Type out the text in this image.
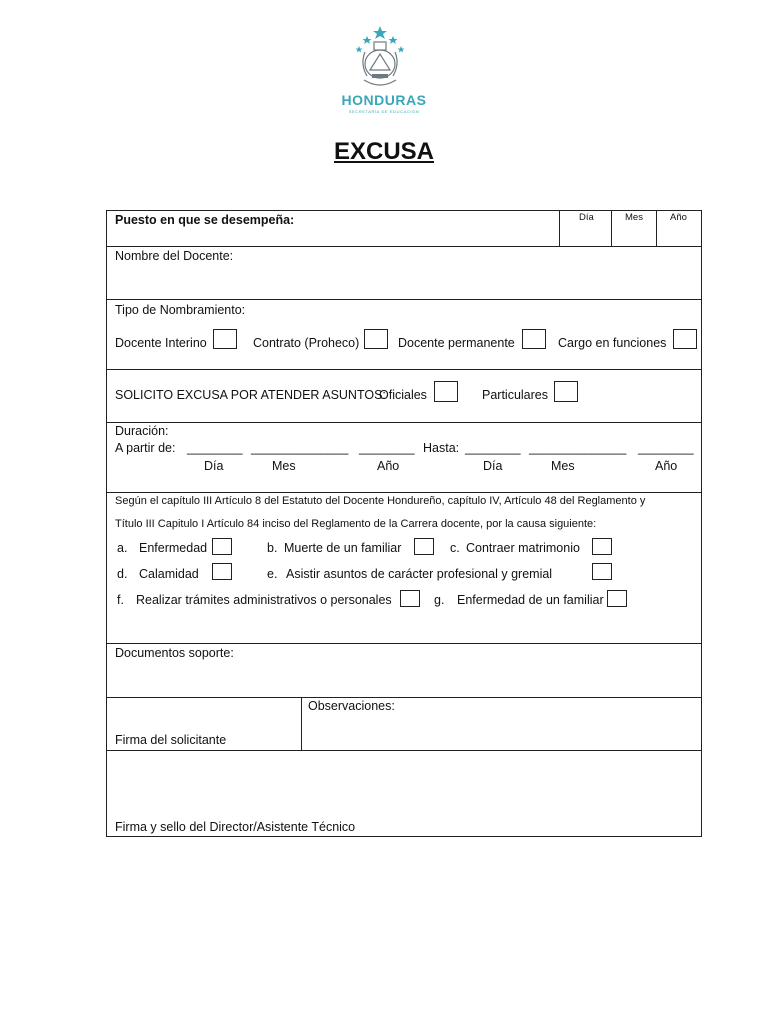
HONDURAS
SECRETARÍA DE EDUCACIÓN
EXCUSA
Puesto en que se desempeña:	Día	Mes	Año
Nombre del Docente:
Tipo de Nombramiento:
Docente Interino	Contrato (Proheco)	Docente permanente	Cargo en funciones
SOLICITO EXCUSA POR ATENDER ASUNTOS:
Oficiales	Particulares
Duración:
A partir de: ________ ______________ ________ Hasta: ________ ______________ ________
Día	Mes	Año	Día	Mes	Año
Según el capítulo III Artículo 8 del Estatuto del Docente Hondureño, capítulo IV, Artículo 48 del Reglamento y
Título III Capitulo I Artículo 84 inciso del Reglamento de la Carrera docente, por la causa siguiente:
a. Enfermedad	b. Muerte de un familiar	c. Contraer matrimonio
d. Calamidad	e. Asistir asuntos de carácter profesional y gremial
f. Realizar trámites administrativos o personales	g. Enfermedad de un familiar
Documentos soporte:
Observaciones:
Firma del solicitante
Firma y sello del Director/Asistente Técnico
